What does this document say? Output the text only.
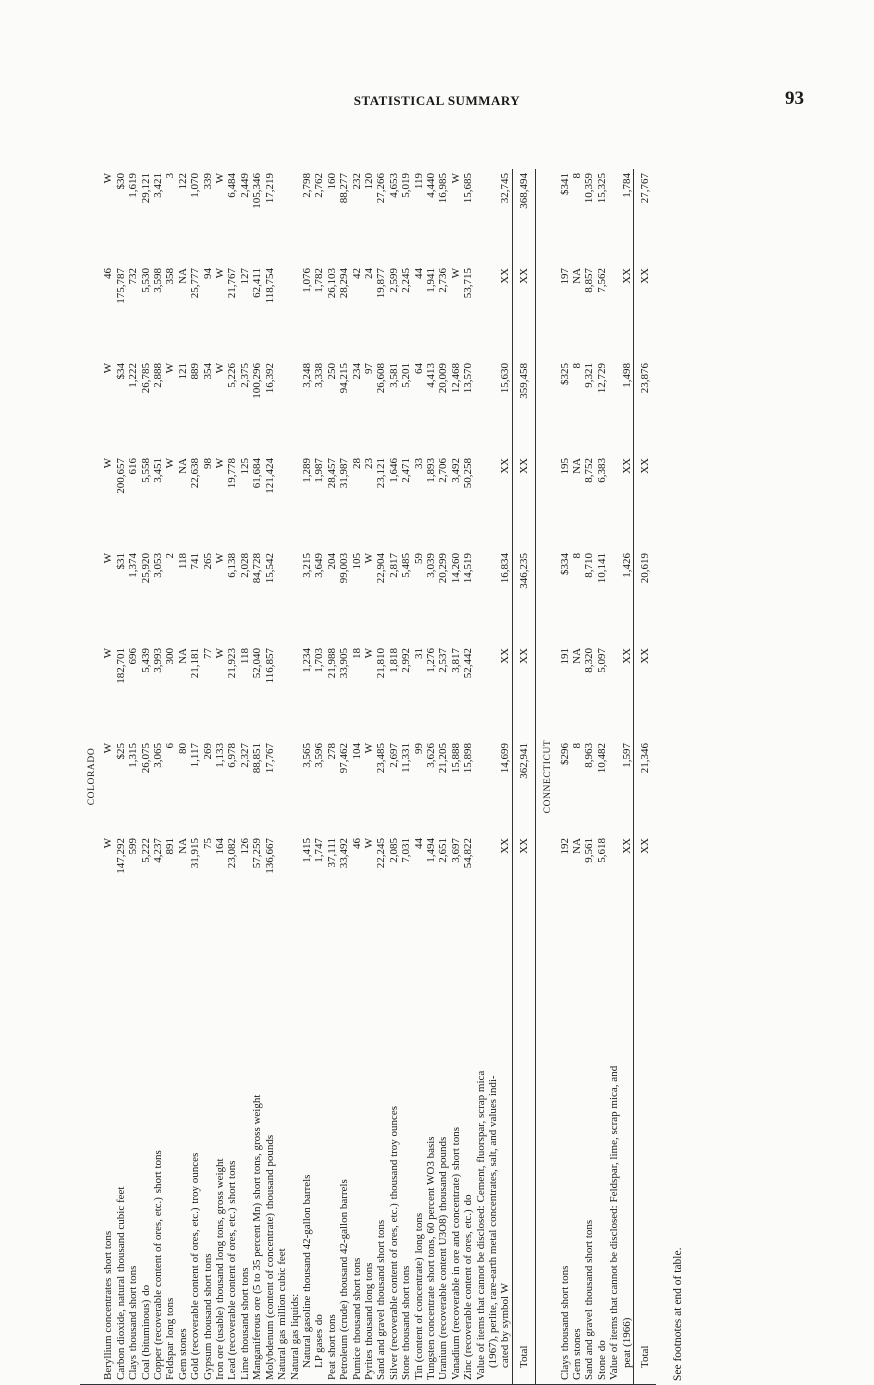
STATISTICAL SUMMARY	93
COLORADO								
Beryllium concentrates short tons	W	W	W	W	W	W	46	W
Carbon dioxide, natural thousand cubic feet	147,292	$25	182,701	$31	200,657	$34	175,787	$30
Clays thousand short tons	599	1,315	696	1,374	616	1,222	732	1,619
Coal (bituminous) do	5,222	26,075	5,439	25,920	5,558	26,785	5,530	29,121
Copper (recoverable content of ores, etc.) short tons	4,237	3,065	3,993	3,053	3,451	2,888	3,598	3,421
Feldspar long tons	891	6	300	2	W	W	358	3
Gem stones	NA	80	NA	118	NA	121	NA	122
Gold (recoverable content of ores, etc.) troy ounces	31,915	1,117	21,181	741	22,638	889	25,777	1,070
Gypsum thousand short tons	75	269	77	265	98	354	94	339
Iron ore (usable) thousand long tons, gross weight	164	1,133	W	W	W	W	W	W
Lead (recoverable content of ores, etc.) short tons	23,082	6,978	21,923	6,138	19,778	5,226	21,767	6,484
Lime thousand short tons	126	2,327	118	2,028	125	2,375	127	2,449
Manganiferous ore (5 to 35 percent Mn) short tons, gross weight	57,259	88,851	52,040	84,728	61,684	100,296	62,411	105,346
Molybdenum (content of concentrate) thousand pounds	136,667	17,767	116,857	15,542	121,424	16,392	118,754	17,219
Natural gas million cubic feet								
Natural gas liquids:								
Natural gasoline thousand 42-gallon barrels	1,415	3,565	1,234	3,215	1,289	3,248	1,076	2,798
LP gases do	1,747	3,596	1,703	3,649	1,987	3,338	1,782	2,762
Peat short tons	37,111	278	21,988	204	28,457	250	26,103	160
Petroleum (crude) thousand 42-gallon barrels	33,492	97,462	33,905	99,003	31,987	94,215	28,294	88,277
Pumice thousand short tons	46	104	18	105	28	234	42	232
Pyrites thousand long tons	W	W	W	W	23	97	24	120
Sand and gravel thousand short tons	22,245	23,485	21,810	22,904	23,121	26,608	19,877	27,266
Silver (recoverable content of ores, etc.) thousand troy ounces	2,085	2,697	1,818	2,817	1,646	3,581	2,599	4,653
Stone thousand short tons	7,031	11,331	2,992	5,485	2,471	5,201	2,245	5,019
Tin (content of concentrate) long tons	44	99	31	59	33	64	44	119
Tungsten concentrate short tons, 60 percent WO3 basis	1,494	3,626	1,276	3,039	1,893	4,413	1,941	4,440
Uranium (recoverable content U3O8) thousand pounds	2,651	21,205	2,537	20,299	2,706	20,009	2,736	16,985
Vanadium (recoverable in ore and concentrate) short tons	3,697	15,888	3,817	14,260	3,492	12,468	W	W
Zinc (recoverable content of ores, etc.) do	54,822	15,898	52,442	14,519	50,258	13,570	53,715	15,685
Value of items that cannot be disclosed: Cement, fluorspar, scrap mica								
(1967), perlite, rare-earth metal concentrates, salt, and values indi-								
cated by symbol W	XX	14,699	XX	16,834	XX	15,630	XX	32,745
Total	XX	362,941	XX	346,235	XX	359,458	XX	368,494
CONNECTICUT								
Clays thousand short tons	192	$296	191	$334	195	$325	197	$341
Gem stones	NA	8	NA	8	NA	8	NA	8
Sand and gravel thousand short tons	9,561	8,963	8,320	8,710	8,752	9,321	8,857	10,359
Stone do	5,618	10,482	5,097	10,141	6,383	12,729	7,562	15,325
Value of items that cannot be disclosed: Feldspar, lime, scrap mica, and								
peat (1966)	XX	1,597	XX	1,426	XX	1,498	XX	1,784
Total	XX	21,346	XX	20,619	XX	23,876	XX	27,767
See footnotes at end of table.
